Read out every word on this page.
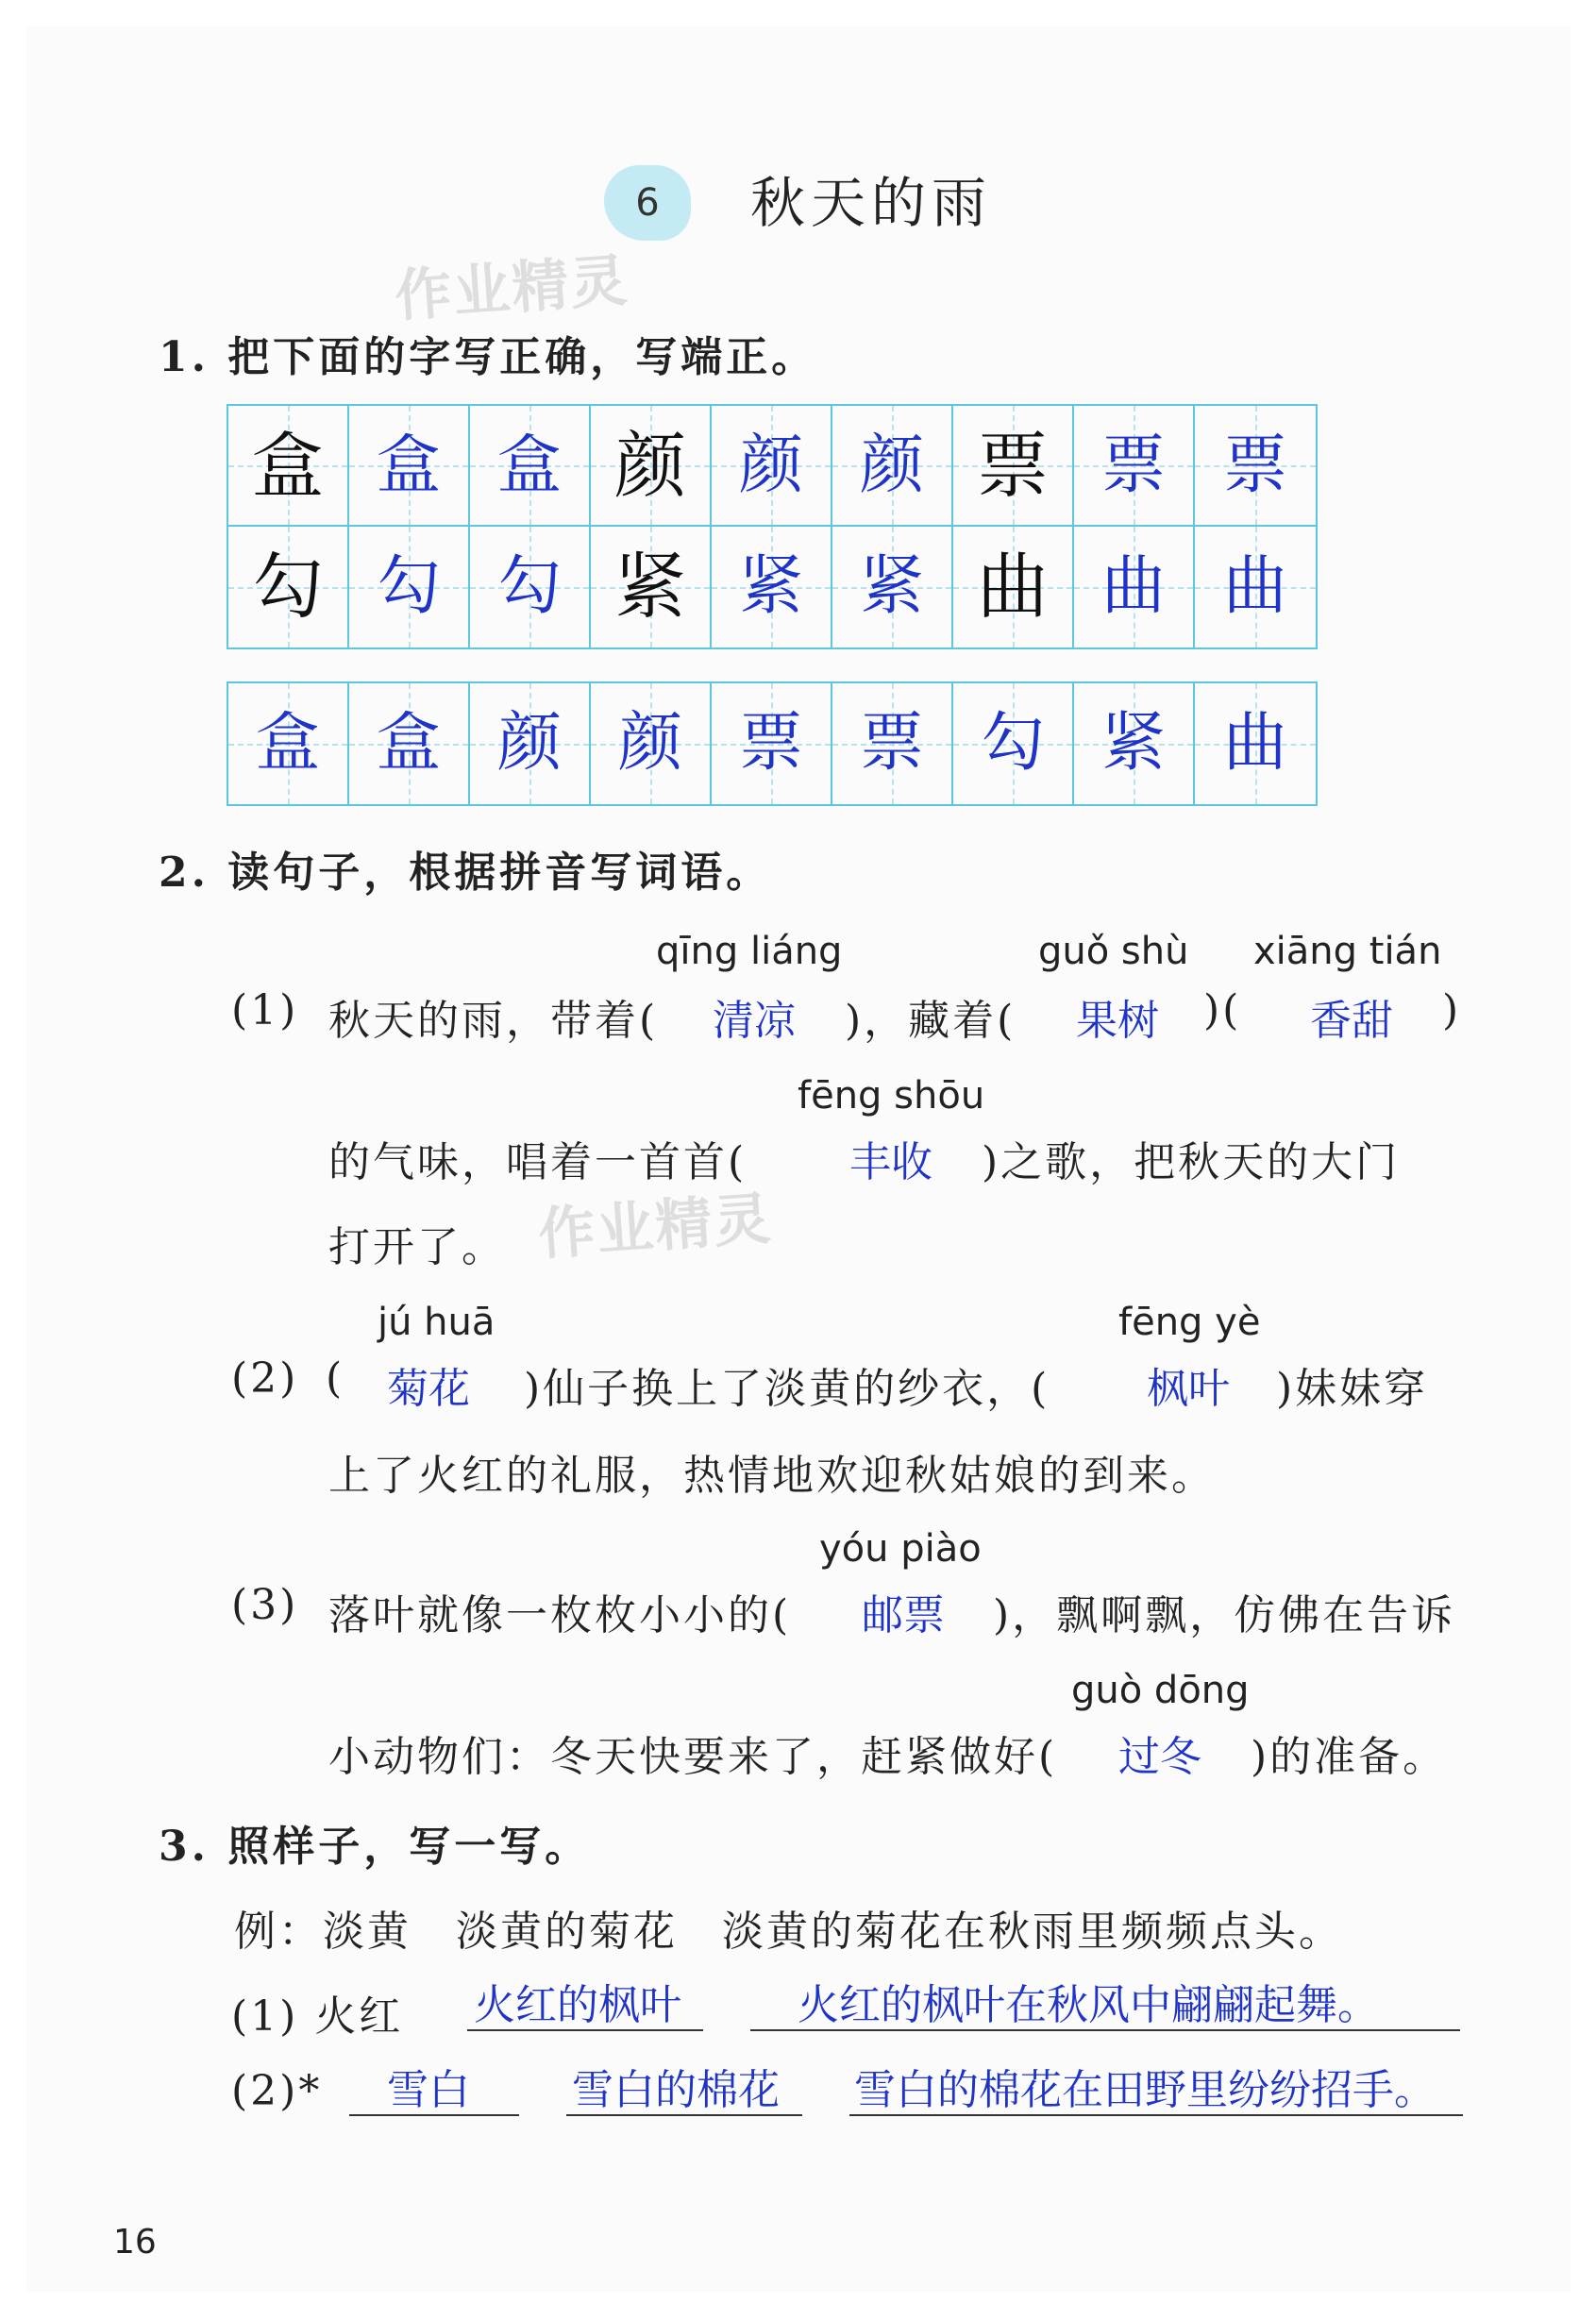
6	秋天的雨
作业精灵
1. 把下面的字写正确，写端正。
盒 盒 盒 颜 颜 颜 票 票 票
勾 勾 勾 紧 紧 紧 曲 曲 曲
盒 盒 颜 颜 票 票 勾 紧 曲
2. 读句子，根据拼音写词语。
qīng liáng	guǒ shù xiāng tián
(1) 秋天的雨，带着( 清凉 )，藏着( 果树 )( 香甜 )
fēng shōu
的气味，唱着一首首( 丰收 )之歌，把秋天的大门
打开了。 作业精灵
jú huā	fēng yè
(2) ( 菊花 )仙子换上了淡黄的纱衣，( 枫叶 )妹妹穿
上了火红的礼服，热情地欢迎秋姑娘的到来。
yóu piào
(3) 落叶就像一枚枚小小的( 邮票 )，飘啊飘，仿佛在告诉
guò dōng
小动物们：冬天快要来了，赶紧做好( 过冬 )的准备。
3. 照样子，写一写。
例：淡黄　淡黄的菊花　淡黄的菊花在秋雨里频频点头。
(1) 火红 火红的枫叶	火红的枫叶在秋风中翩翩起舞。
(2)* 雪白 雪白的棉花 雪白的棉花在田野里纷纷招手。
16
